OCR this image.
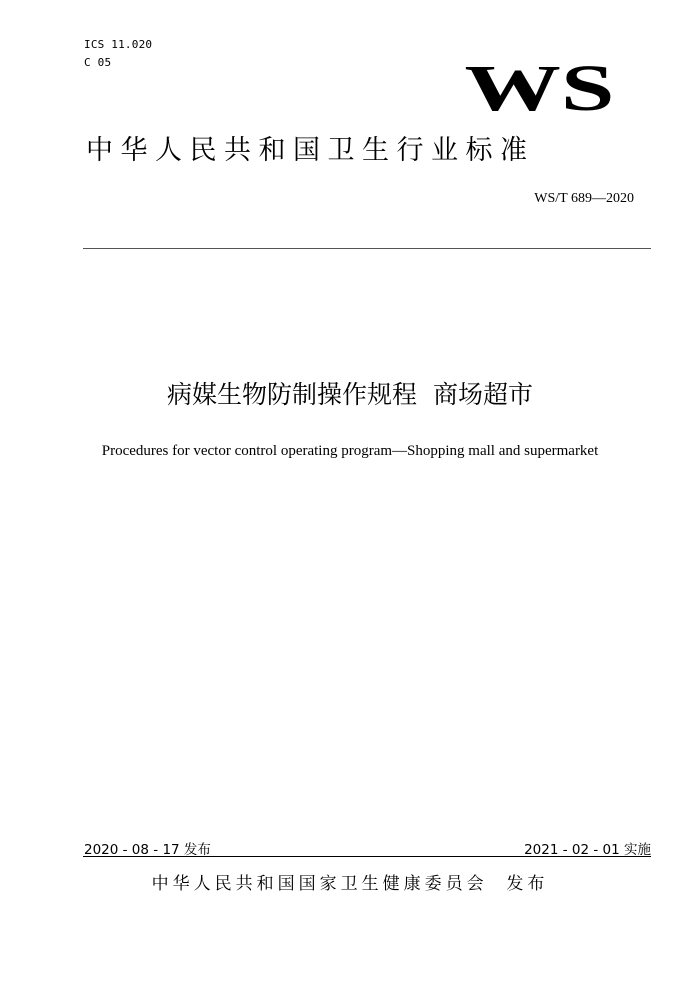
ICS 11.020
C 05	WS
中华人民共和国卫生行业标准
WS/T 689—2020
病媒生物防制操作规程  商场超市
Procedures for vector control operating program—Shopping mall and supermarket
2020 - 08 - 17 发布	2021 - 02 - 01 实施
中华人民共和国国家卫生健康委员会  发布
